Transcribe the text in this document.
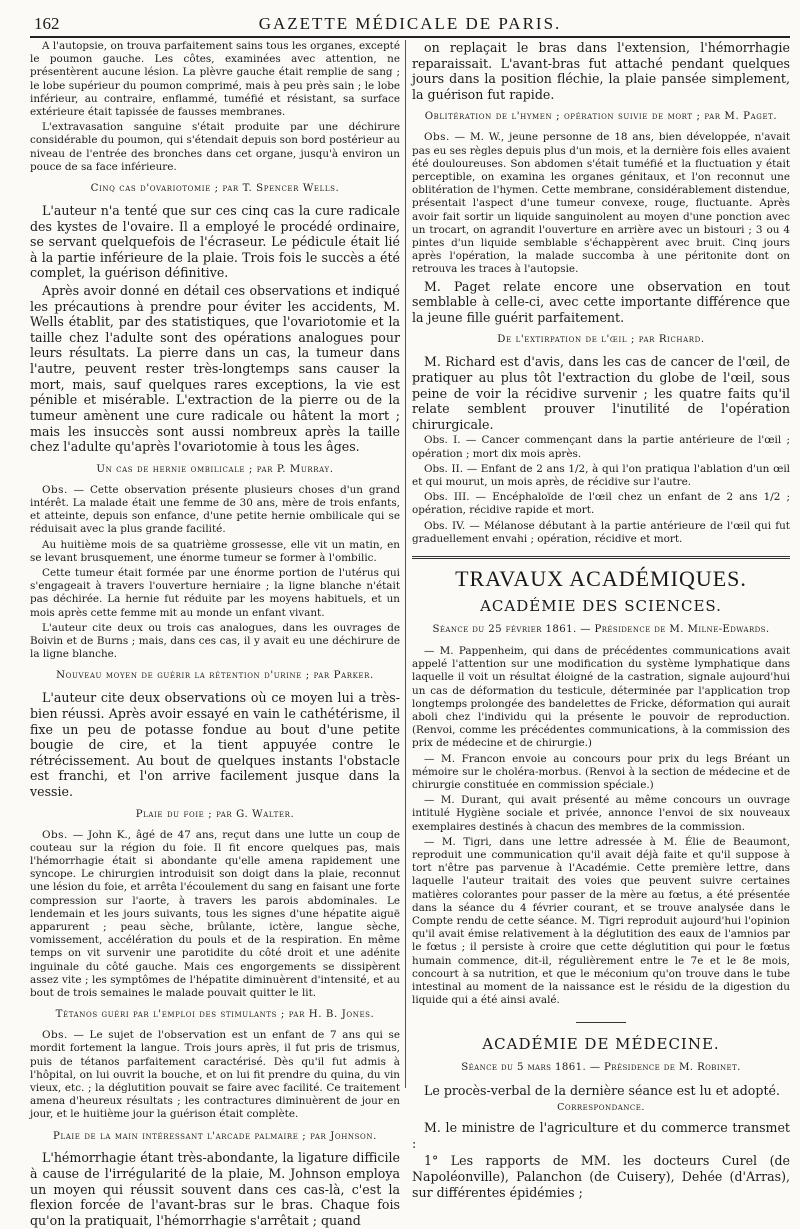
162	GAZETTE MÉDICALE DE PARIS.

A l'autopsie, on trouva parfaitement sains tous les organes, excepté le poumon gauche. Les côtes, examinées avec attention, ne présentèrent aucune lésion. La plèvre gauche était remplie de sang ; le lobe supérieur du poumon comprimé, mais à peu près sain ; le lobe inférieur, au contraire, enflammé, tuméfié et résistant, sa surface extérieure était tapissée de fausses membranes.

L'extravasation sanguine s'était produite par une déchirure considérable du poumon, qui s'étendait depuis son bord postérieur au niveau de l'entrée des bronches dans cet organe, jusqu'à environ un pouce de sa face inférieure.

Cinq cas d'ovariotomie ; par T. Spencer Wells.

L'auteur n'a tenté que sur ces cinq cas la cure radicale des kystes de l'ovaire. Il a employé le procédé ordinaire, se servant quelquefois de l'écraseur. Le pédicule était lié à la partie inférieure de la plaie. Trois fois le succès a été complet, la guérison définitive.

Après avoir donné en détail ces observations et indiqué les précautions à prendre pour éviter les accidents, M. Wells établit, par des statistiques, que l'ovariotomie et la taille chez l'adulte sont des opérations analogues pour leurs résultats. La pierre dans un cas, la tumeur dans l'autre, peuvent rester très-longtemps sans causer la mort, mais, sauf quelques rares exceptions, la vie est pénible et misérable. L'extraction de la pierre ou de la tumeur amènent une cure radicale ou hâtent la mort ; mais les insuccès sont aussi nombreux après la taille chez l'adulte qu'après l'ovariotomie à tous les âges.

Un cas de hernie ombilicale ; par P. Murray.

Obs. — Cette observation présente plusieurs choses d'un grand intérêt. La malade était une femme de 30 ans, mère de trois enfants, et atteinte, depuis son enfance, d'une petite hernie ombilicale qui se réduisait avec la plus grande facilité.

Au huitième mois de sa quatrième grossesse, elle vit un matin, en se levant brusquement, une énorme tumeur se former à l'ombilic.

Cette tumeur était formée par une énorme portion de l'utérus qui s'engageait à travers l'ouverture herniaire ; la ligne blanche n'était pas déchirée. La hernie fut réduite par les moyens habituels, et un mois après cette femme mit au monde un enfant vivant.

L'auteur cite deux ou trois cas analogues, dans les ouvrages de Boivin et de Burns ; mais, dans ces cas, il y avait eu une déchirure de la ligne blanche.

Nouveau moyen de guérir la rétention d'urine ; par Parker.

L'auteur cite deux observations où ce moyen lui a très-bien réussi. Après avoir essayé en vain le cathétérisme, il fixe un peu de potasse fondue au bout d'une petite bougie de cire, et la tient appuyée contre le rétrécissement. Au bout de quelques instants l'obstacle est franchi, et l'on arrive facilement jusque dans la vessie.

Plaie du foie ; par G. Walter.

Obs. — John K., âgé de 47 ans, reçut dans une lutte un coup de couteau sur la région du foie. Il fit encore quelques pas, mais l'hémorrhagie était si abondante qu'elle amena rapidement une syncope. Le chirurgien introduisit son doigt dans la plaie, reconnut une lésion du foie, et arrêta l'écoulement du sang en faisant une forte compression sur l'aorte, à travers les parois abdominales. Le lendemain et les jours suivants, tous les signes d'une hépatite aiguë apparurent ; peau sèche, brûlante, ictère, langue sèche, vomissement, accélération du pouls et de la respiration. En même temps on vit survenir une parotidite du côté droit et une adénite inguinale du côté gauche. Mais ces engorgements se dissipèrent assez vite ; les symptômes de l'hépatite diminuèrent d'intensité, et au bout de trois semaines le malade pouvait quitter le lit.

Tétanos guéri par l'emploi des stimulants ; par H. B. Jones.

Obs. — Le sujet de l'observation est un enfant de 7 ans qui se mordit fortement la langue. Trois jours après, il fut pris de trismus, puis de tétanos parfaitement caractérisé. Dès qu'il fut admis à l'hôpital, on lui ouvrit la bouche, et on lui fit prendre du quina, du vin vieux, etc. ; la déglutition pouvait se faire avec facilité. Ce traitement amena d'heureux résultats ; les contractures diminuèrent de jour en jour, et le huitième jour la guérison était complète.

Plaie de la main intéressant l'arcade palmaire ; par Johnson.

L'hémorrhagie étant très-abondante, la ligature difficile à cause de l'irrégularité de la plaie, M. Johnson employa un moyen qui réussit souvent dans ces cas-là, c'est la flexion forcée de l'avant-bras sur le bras. Chaque fois qu'on la pratiquait, l'hémorrhagie s'arrêtait ; quand

on replaçait le bras dans l'extension, l'hémorrhagie reparaissait. L'avant-bras fut attaché pendant quelques jours dans la position fléchie, la plaie pansée simplement, la guérison fut rapide.

Oblitération de l'hymen ; opération suivie de mort ; par M. Paget.

Obs. — M. W., jeune personne de 18 ans, bien développée, n'avait pas eu ses règles depuis plus d'un mois, et la dernière fois elles avaient été douloureuses. Son abdomen s'était tuméfié et la fluctuation y était perceptible, on examina les organes génitaux, et l'on reconnut une oblitération de l'hymen. Cette membrane, considérablement distendue, présentait l'aspect d'une tumeur convexe, rouge, fluctuante. Après avoir fait sortir un liquide sanguinolent au moyen d'une ponction avec un trocart, on agrandit l'ouverture en arrière avec un bistouri ; 3 ou 4 pintes d'un liquide semblable s'échappèrent avec bruit. Cinq jours après l'opération, la malade succomba à une péritonite dont on retrouva les traces à l'autopsie.

M. Paget relate encore une observation en tout semblable à celle-ci, avec cette importante différence que la jeune fille guérit parfaitement.

De l'extirpation de l'œil ; par Richard.

M. Richard est d'avis, dans les cas de cancer de l'œil, de pratiquer au plus tôt l'extraction du globe de l'œil, sous peine de voir la récidive survenir ; les quatre faits qu'il relate semblent prouver l'inutilité de l'opération chirurgicale.

Obs. I. — Cancer commençant dans la partie antérieure de l'œil ; opération ; mort dix mois après.

Obs. II. — Enfant de 2 ans 1/2, à qui l'on pratiqua l'ablation d'un œil et qui mourut, un mois après, de récidive sur l'autre.

Obs. III. — Encéphaloïde de l'œil chez un enfant de 2 ans 1/2 ; opération, récidive rapide et mort.

Obs. IV. — Mélanose débutant à la partie antérieure de l'œil qui fut graduellement envahi ; opération, récidive et mort.

TRAVAUX ACADÉMIQUES.
ACADÉMIE DES SCIENCES.
Séance du 25 février 1861. — Présidence de M. Milne-Edwards.

— M. Pappenheim, qui dans de précédentes communications avait appelé l'attention sur une modification du système lymphatique dans laquelle il voit un résultat éloigné de la castration, signale aujourd'hui un cas de déformation du testicule, déterminée par l'application trop longtemps prolongée des bandelettes de Fricke, déformation qui aurait aboli chez l'individu qui la présente le pouvoir de reproduction. (Renvoi, comme les précédentes communications, à la commission des prix de médecine et de chirurgie.)

— M. Francon envoie au concours pour prix du legs Bréant un mémoire sur le choléra-morbus. (Renvoi à la section de médecine et de chirurgie constituée en commission spéciale.)

— M. Durant, qui avait présenté au même concours un ouvrage intitulé Hygiène sociale et privée, annonce l'envoi de six nouveaux exemplaires destinés à chacun des membres de la commission.

— M. Tigri, dans une lettre adressée à M. Élie de Beaumont, reproduit une communication qu'il avait déjà faite et qu'il suppose à tort n'être pas parvenue à l'Académie. Cette première lettre, dans laquelle l'auteur traitait des voies que peuvent suivre certaines matières colorantes pour passer de la mère au fœtus, a été présentée dans la séance du 4 février courant, et se trouve analysée dans le Compte rendu de cette séance. M. Tigri reproduit aujourd'hui l'opinion qu'il avait émise relativement à la déglutition des eaux de l'amnios par le fœtus ; il persiste à croire que cette déglutition qui pour le fœtus humain commence, dit-il, régulièrement entre le 7e et le 8e mois, concourt à sa nutrition, et que le méconium qu'on trouve dans le tube intestinal au moment de la naissance est le résidu de la digestion du liquide qui a été ainsi avalé.

ACADÉMIE DE MÉDECINE.
Séance du 5 mars 1861. — Présidence de M. Robinet.

Le procès-verbal de la dernière séance est lu et adopté.

Correspondance.

M. le ministre de l'agriculture et du commerce transmet :

1° Les rapports de MM. les docteurs Curel (de Napoléonville), Palanchon (de Cuisery), Dehée (d'Arras), sur différentes épidémies ;
